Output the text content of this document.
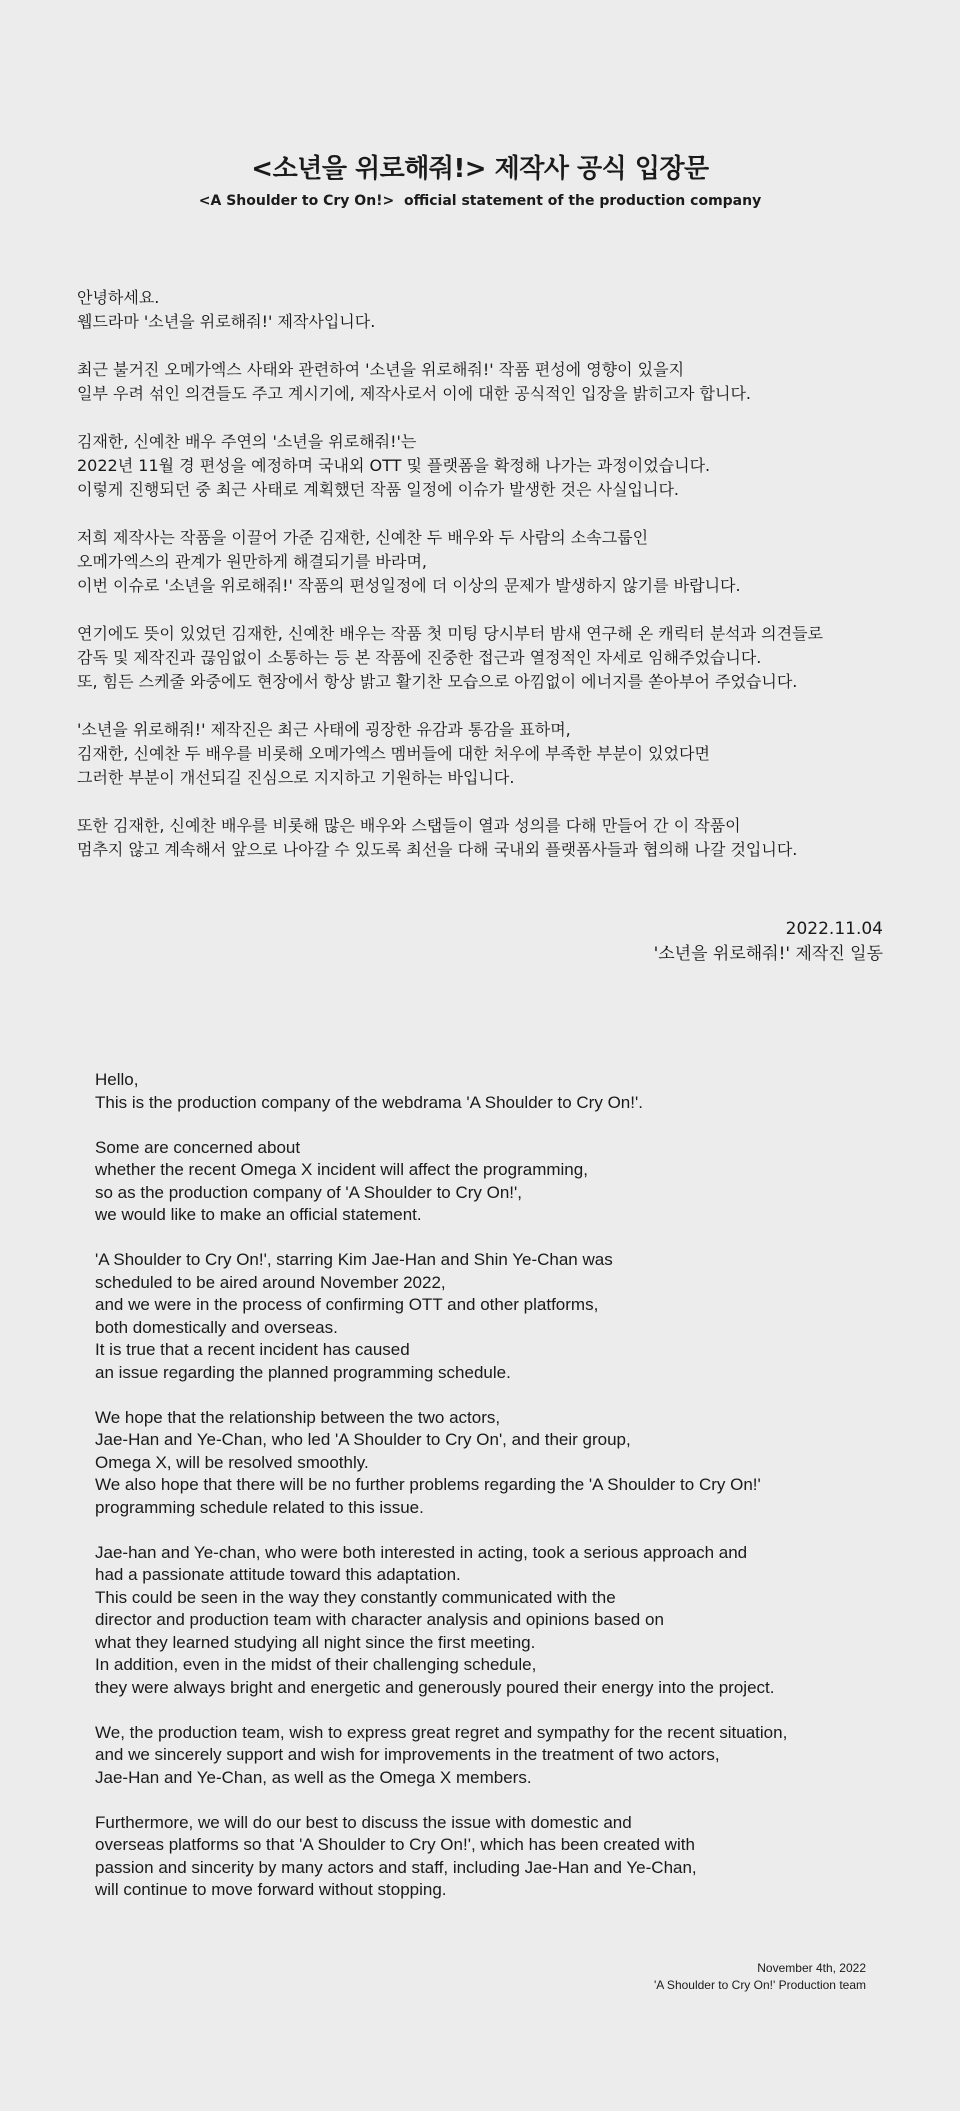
<소년을 위로해줘!> 제작사 공식 입장문

<A Shoulder to Cry On!>  official statement of the production company

안녕하세요.
웹드라마 '소년을 위로해줘!' 제작사입니다.

최근 불거진 오메가엑스 사태와 관련하여 '소년을 위로해줘!' 작품 편성에 영향이 있을지
일부 우려 섞인 의견들도 주고 계시기에, 제작사로서 이에 대한 공식적인 입장을 밝히고자 합니다.

김재한, 신예찬 배우 주연의 '소년을 위로해줘!'는
2022년 11월 경 편성을 예정하며 국내외 OTT 및 플랫폼을 확정해 나가는 과정이었습니다.
이렇게 진행되던 중 최근 사태로 계획했던 작품 일정에 이슈가 발생한 것은 사실입니다.

저희 제작사는 작품을 이끌어 가준 김재한, 신예찬 두 배우와 두 사람의 소속그룹인
오메가엑스의 관계가 원만하게 해결되기를 바라며,
이번 이슈로 '소년을 위로해줘!' 작품의 편성일정에 더 이상의 문제가 발생하지 않기를 바랍니다.

연기에도 뜻이 있었던 김재한, 신예찬 배우는 작품 첫 미팅 당시부터 밤새 연구해 온 캐릭터 분석과 의견들로
감독 및 제작진과 끊임없이 소통하는 등 본 작품에 진중한 접근과 열정적인 자세로 임해주었습니다.
또, 힘든 스케줄 와중에도 현장에서 항상 밝고 활기찬 모습으로 아낌없이 에너지를 쏟아부어 주었습니다.

'소년을 위로해줘!' 제작진은 최근 사태에 굉장한 유감과 통감을 표하며,
김재한, 신예찬 두 배우를 비롯해 오메가엑스 멤버들에 대한 처우에 부족한 부분이 있었다면
그러한 부분이 개선되길 진심으로 지지하고 기원하는 바입니다.

또한 김재한, 신예찬 배우를 비롯해 많은 배우와 스탭들이 열과 성의를 다해 만들어 간 이 작품이
멈추지 않고 계속해서 앞으로 나아갈 수 있도록 최선을 다해 국내외 플랫폼사들과 협의해 나갈 것입니다.

2022.11.04
'소년을 위로해줘!' 제작진 일동

Hello,
This is the production company of the webdrama 'A Shoulder to Cry On!'.

Some are concerned about
whether the recent Omega X incident will affect the programming,
so as the production company of 'A Shoulder to Cry On!',
we would like to make an official statement.

'A Shoulder to Cry On!', starring Kim Jae-Han and Shin Ye-Chan was
scheduled to be aired around November 2022,
and we were in the process of confirming OTT and other platforms,
both domestically and overseas.
It is true that a recent incident has caused
an issue regarding the planned programming schedule.

We hope that the relationship between the two actors,
Jae-Han and Ye-Chan, who led 'A Shoulder to Cry On', and their group,
Omega X, will be resolved smoothly.
We also hope that there will be no further problems regarding the 'A Shoulder to Cry On!'
programming schedule related to this issue.

Jae-han and Ye-chan, who were both interested in acting, took a serious approach and
had a passionate attitude toward this adaptation.
This could be seen in the way they constantly communicated with the
director and production team with character analysis and opinions based on
what they learned studying all night since the first meeting.
In addition, even in the midst of their challenging schedule,
they were always bright and energetic and generously poured their energy into the project.

We, the production team, wish to express great regret and sympathy for the recent situation,
and we sincerely support and wish for improvements in the treatment of two actors,
Jae-Han and Ye-Chan, as well as the Omega X members.

Furthermore, we will do our best to discuss the issue with domestic and
overseas platforms so that 'A Shoulder to Cry On!', which has been created with
passion and sincerity by many actors and staff, including Jae-Han and Ye-Chan,
will continue to move forward without stopping.

November 4th, 2022
'A Shoulder to Cry On!' Production team
